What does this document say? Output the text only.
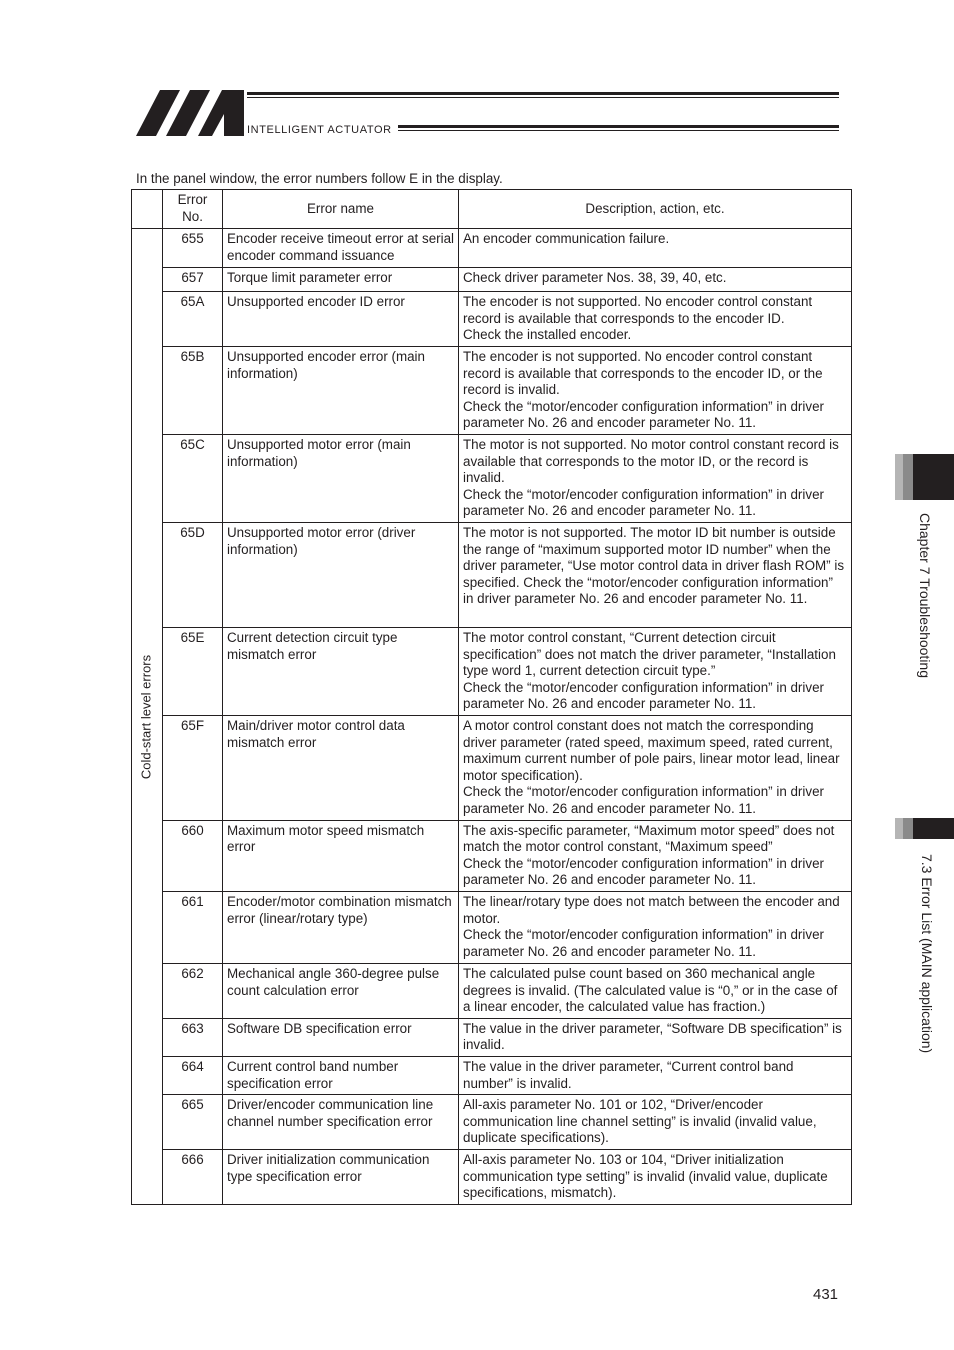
INTELLIGENT ACTUATOR
In the panel window, the error numbers follow E in the display.
	Error No.	Error name	Description, action, etc.

Cold-start level errors	655	Encoder receive timeout error at serial encoder command issuance	An encoder communication failure.

	657	Torque limit parameter error	Check driver parameter Nos. 38, 39, 40, etc.

	65A	Unsupported encoder ID error	The encoder is not supported. No encoder control constant record is available that corresponds to the encoder ID.
Check the installed encoder.

	65B	Unsupported encoder error (main information)	The encoder is not supported. No encoder control constant record is available that corresponds to the encoder ID, or the record is invalid.
Check the “motor/encoder configuration information” in driver parameter No. 26 and encoder parameter No. 11.

	65C	Unsupported motor error (main information)	The motor is not supported. No motor control constant record is available that corresponds to the motor ID, or the record is invalid.
Check the “motor/encoder configuration information” in driver parameter No. 26 and encoder parameter No. 11.

	65D	Unsupported motor error (driver information)	The motor is not supported. The motor ID bit number is outside the range of “maximum supported motor ID number” when the driver parameter, “Use motor control data in driver flash ROM” is specified. Check the “motor/encoder configuration information” in driver parameter No. 26 and encoder parameter No. 11.

	65E	Current detection circuit type mismatch error	The motor control constant, “Current detection circuit specification” does not match the driver parameter, “Installation type word 1, current detection circuit type.”
Check the “motor/encoder configuration information” in driver parameter No. 26 and encoder parameter No. 11.

	65F	Main/driver motor control data mismatch error	A motor control constant does not match the corresponding driver parameter (rated speed, maximum speed, rated current, maximum current number of pole pairs, linear motor lead, linear motor specification).
Check the “motor/encoder configuration information” in driver parameter No. 26 and encoder parameter No. 11.

	660	Maximum motor speed mismatch error	The axis-specific parameter, “Maximum motor speed” does not match the motor control constant, “Maximum speed”
Check the “motor/encoder configuration information” in driver parameter No. 26 and encoder parameter No. 11.

	661	Encoder/motor combination mismatch error (linear/rotary type)	The linear/rotary type does not match between the encoder and motor.
Check the “motor/encoder configuration information” in driver parameter No. 26 and encoder parameter No. 11.

	662	Mechanical angle 360-degree pulse count calculation error	The calculated pulse count based on 360 mechanical angle degrees is invalid. (The calculated value is “0,” or in the case of a linear encoder, the calculated value has fraction.)

	663	Software DB specification error	The value in the driver parameter, “Software DB specification” is invalid.

	664	Current control band number specification error	The value in the driver parameter, “Current control band number” is invalid.

	665	Driver/encoder communication line channel number specification error	All-axis parameter No. 101 or 102, “Driver/encoder communication line channel setting” is invalid (invalid value, duplicate specifications).

	666	Driver initialization communication type specification error	All-axis parameter No. 103 or 104, “Driver initialization communication type setting” is invalid (invalid value, duplicate specifications, mismatch).
Chapter 7 Troubleshooting
7.3 Error List (MAIN application)
431
